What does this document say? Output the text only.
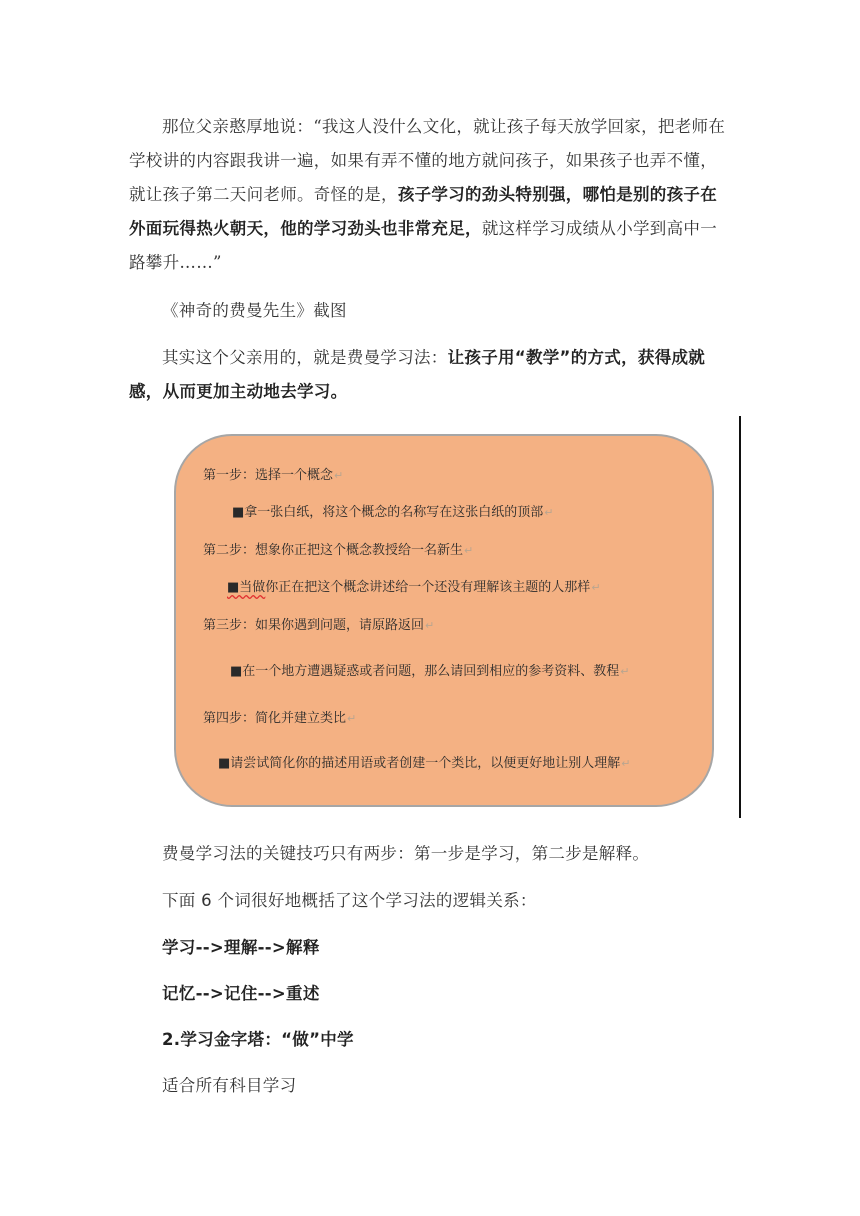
那位父亲憨厚地说：“我这人没什么文化，就让孩子每天放学回家，把老师在学校讲的内容跟我讲一遍，如果有弄不懂的地方就问孩子，如果孩子也弄不懂，就让孩子第二天问老师。奇怪的是，孩子学习的劲头特别强，哪怕是别的孩子在外面玩得热火朝天，他的学习劲头也非常充足，就这样学习成绩从小学到高中一路攀升……”

《神奇的费曼先生》截图

其实这个父亲用的，就是费曼学习法：让孩子用“教学”的方式，获得成就感，从而更加主动地去学习。

第一步：选择一个概念↵
■拿一张白纸，将这个概念的名称写在这张白纸的顶部↵
第二步：想象你正把这个概念教授给一名新生↵
■当做你正在把这个概念讲述给一个还没有理解该主题的人那样↵
第三步：如果你遇到问题，请原路返回↵
■在一个地方遭遇疑惑或者问题，那么请回到相应的参考资料、教程↵
第四步：简化并建立类比↵
■请尝试简化你的描述用语或者创建一个类比，以便更好地让别人理解↵

费曼学习法的关键技巧只有两步：第一步是学习，第二步是解释。

下面 6 个词很好地概括了这个学习法的逻辑关系：

学习-->理解-->解释

记忆-->记住-->重述

2.学习金字塔：“做”中学

适合所有科目学习
